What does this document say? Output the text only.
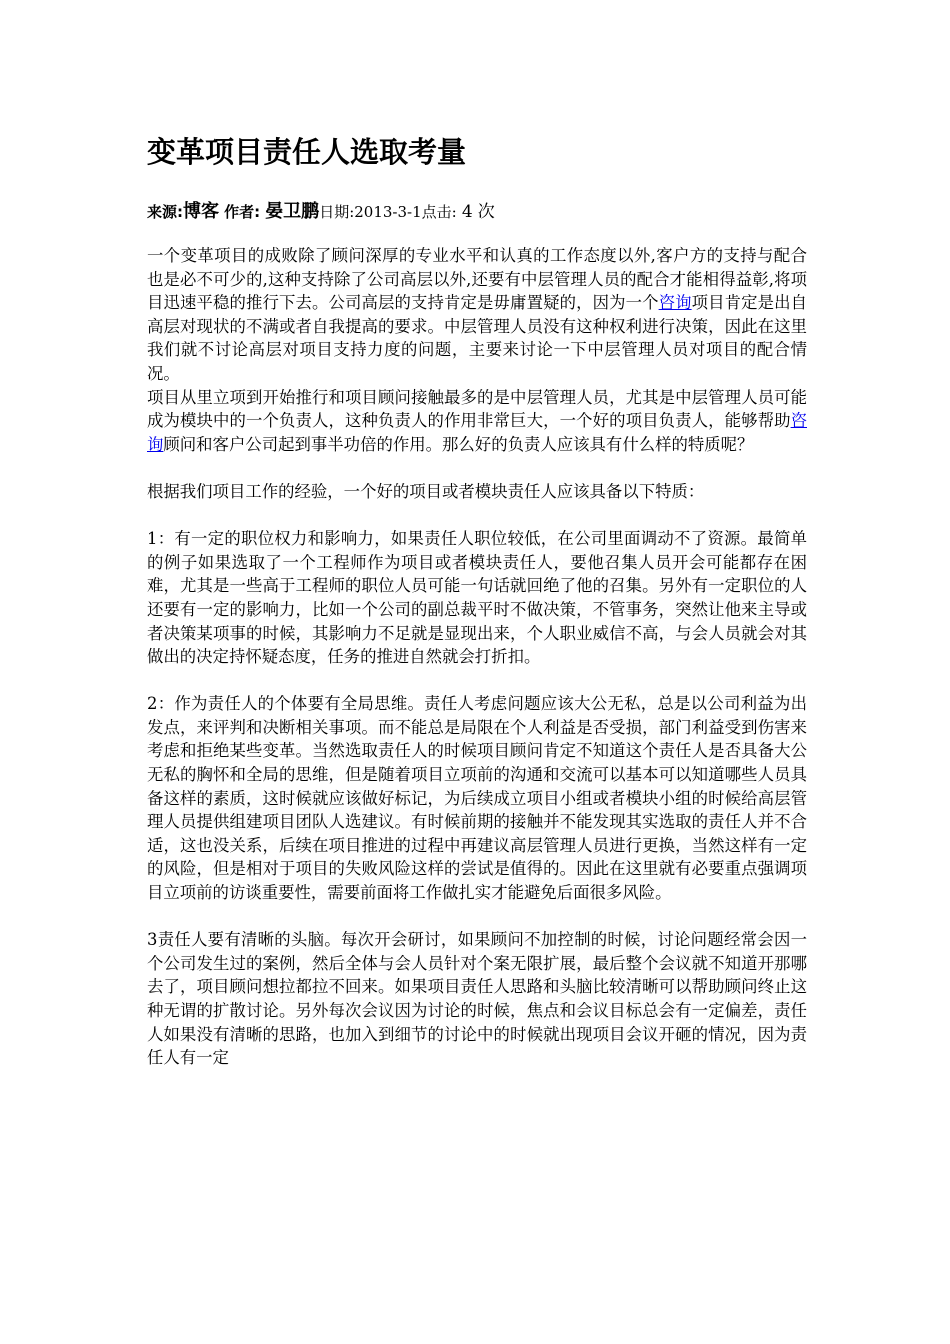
变革项目责任人选取考量
来源:博客 作者: 晏卫鹏日期:2013-3-1点击: 4 次

一个变革项目的成败除了顾问深厚的专业水平和认真的工作态度以外,客户方的支持与配合也是必不可少的,这种支持除了公司高层以外,还要有中层管理人员的配合才能相得益彰,将项目迅速平稳的推行下去。公司高层的支持肯定是毋庸置疑的，因为一个咨询项目肯定是出自高层对现状的不满或者自我提高的要求。中层管理人员没有这种权利进行决策，因此在这里我们就不讨论高层对项目支持力度的问题，主要来讨论一下中层管理人员对项目的配合情况。

项目从里立项到开始推行和项目顾问接触最多的是中层管理人员，尤其是中层管理人员可能成为模块中的一个负责人，这种负责人的作用非常巨大，一个好的项目负责人，能够帮助咨询顾问和客户公司起到事半功倍的作用。那么好的负责人应该具有什么样的特质呢？

根据我们项目工作的经验，一个好的项目或者模块责任人应该具备以下特质：

1：有一定的职位权力和影响力，如果责任人职位较低，在公司里面调动不了资源。最简单的例子如果选取了一个工程师作为项目或者模块责任人，要他召集人员开会可能都存在困难，尤其是一些高于工程师的职位人员可能一句话就回绝了他的召集。另外有一定职位的人还要有一定的影响力，比如一个公司的副总裁平时不做决策，不管事务，突然让他来主导或者决策某项事的时候，其影响力不足就是显现出来，个人职业威信不高，与会人员就会对其做出的决定持怀疑态度，任务的推进自然就会打折扣。

2：作为责任人的个体要有全局思维。责任人考虑问题应该大公无私，总是以公司利益为出发点，来评判和决断相关事项。而不能总是局限在个人利益是否受损，部门利益受到伤害来考虑和拒绝某些变革。当然选取责任人的时候项目顾问肯定不知道这个责任人是否具备大公无私的胸怀和全局的思维，但是随着项目立项前的沟通和交流可以基本可以知道哪些人员具备这样的素质，这时候就应该做好标记，为后续成立项目小组或者模块小组的时候给高层管理人员提供组建项目团队人选建议。有时候前期的接触并不能发现其实选取的责任人并不合适，这也没关系，后续在项目推进的过程中再建议高层管理人员进行更换，当然这样有一定的风险，但是相对于项目的失败风险这样的尝试是值得的。因此在这里就有必要重点强调项目立项前的访谈重要性，需要前面将工作做扎实才能避免后面很多风险。

3责任人要有清晰的头脑。每次开会研讨，如果顾问不加控制的时候，讨论问题经常会因一个公司发生过的案例，然后全体与会人员针对个案无限扩展，最后整个会议就不知道开那哪去了，项目顾问想拉都拉不回来。如果项目责任人思路和头脑比较清晰可以帮助顾问终止这种无谓的扩散讨论。另外每次会议因为讨论的时候，焦点和会议目标总会有一定偏差，责任人如果没有清晰的思路，也加入到细节的讨论中的时候就出现项目会议开砸的情况，因为责任人有一定
